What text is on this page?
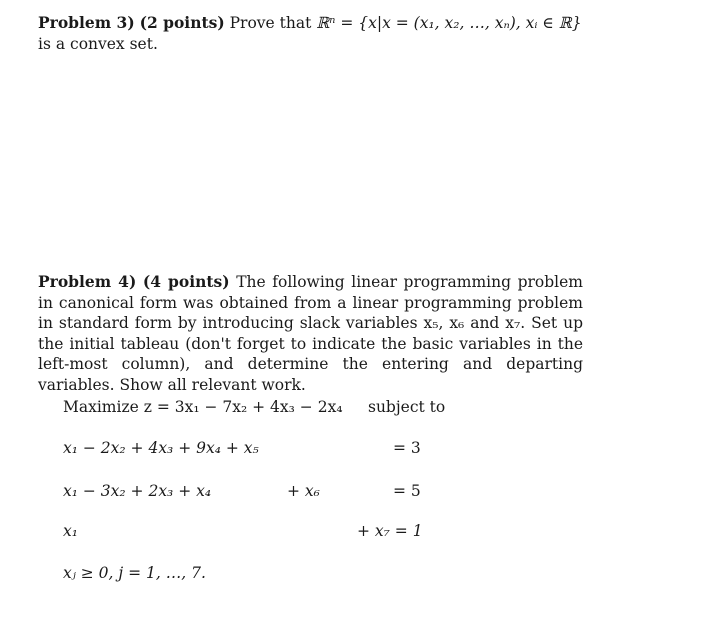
Problem 3) (2 points) Prove that ℝⁿ = {x|x = (x₁, x₂, …, xₙ), xᵢ ∈ ℝ}
is a convex set.
Problem 4) (4 points) The following linear programming problem in canonical form was obtained from a linear programming problem in standard form by introducing slack variables x₅, x₆ and x₇. Set up the initial tableau (don't forget to indicate the basic variables in the left-most column), and determine the entering and departing variables. Show all relevant work.
Maximize z = 3x₁ − 7x₂ + 4x₃ − 2x₄ subject to
x₁ − 2x₂ + 4x₃ + 9x₄ + x₅	= 3
x₁ − 3x₂ + 2x₃ + x₄	+ x₆	= 5
x₁	+ x₇ = 1
xⱼ ≥ 0, j = 1, …, 7.
